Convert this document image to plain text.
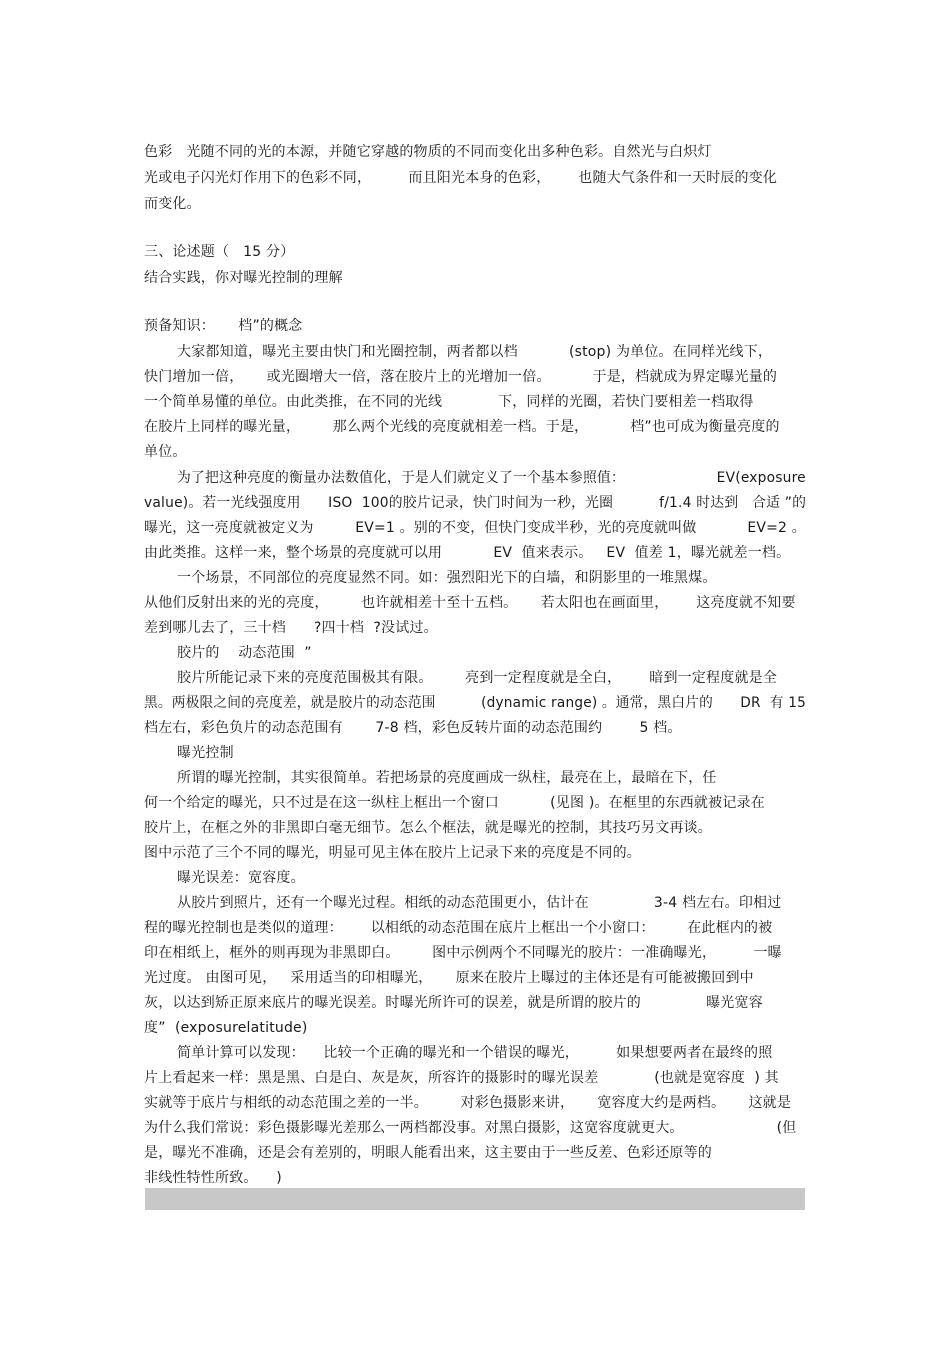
色彩   光随不同的光的本源，并随它穿越的物质的不同而变化出多种色彩。自然光与白炽灯
光或电子闪光灯作用下的色彩不同，        而且阳光本身的色彩，      也随大气条件和一天时辰的变化
而变化。
三、论述题（   15 分）
结合实践，你对曝光控制的理解
预备知识：     档”的概念
大家都知道，曝光主要由快门和光圈控制，两者都以档           (stop) 为单位。在同样光线下，
快门增加一倍，     或光圈增大一倍，落在胶片上的光增加一倍。         于是，档就成为界定曝光量的
一个简单易懂的单位。由此类推，在不同的光线            下，同样的光圈，若快门要相差一档取得
在胶片上同样的曝光量，       那么两个光线的亮度就相差一档。于是，         档”也可成为衡量亮度的
单位。
为了把这种亮度的衡量办法数值化，于是人们就定义了一个基本参照值：                    EV(exposure
value)。若一光线强度用      ISO  100的胶片记录，快门时间为一秒，光圈          f/1.4 时达到   合适 ”的
曝光，这一亮度就被定义为         EV=1 。别的不变，但快门变成半秒，光的亮度就叫做           EV=2 。
由此类推。这样一来，整个场景的亮度就可以用           EV  值来表示。   EV  值差 1，曝光就差一档。
一个场景，不同部位的亮度显然不同。如：强烈阳光下的白墙，和阴影里的一堆黑煤。
从他们反射出来的光的亮度，       也许就相差十至十五档。     若太阳也在画面里，      这亮度就不知要
差到哪儿去了，三十档      ?四十档  ?没试过。
胶片的    动态范围  ”
胶片所能记录下来的亮度范围极其有限。       亮到一定程度就是全白，      暗到一定程度就是全
黑。两极限之间的亮度差，就是胶片的动态范围          (dynamic range) 。通常，黑白片的      DR  有 15
档左右，彩色负片的动态范围有       7-8 档，彩色反转片面的动态范围约        5 档。
曝光控制
所谓的曝光控制，其实很简单。若把场景的亮度画成一纵柱，最亮在上，最暗在下，任
何一个给定的曝光，只不过是在这一纵柱上框出一个窗口           (见图 )。在框里的东西就被记录在
胶片上，在框之外的非黑即白毫无细节。怎么个框法，就是曝光的控制，其技巧另文再谈。
图中示范了三个不同的曝光，明显可见主体在胶片上记录下来的亮度是不同的。
曝光误差：宽容度。
从胶片到照片，还有一个曝光过程。相纸的动态范围更小，估计在              3-4 档左右。印相过
程的曝光控制也是类似的道理：      以相纸的动态范围在底片上框出一个小窗口：       在此框内的被
印在相纸上，框外的则再现为非黑即白。       图中示例两个不同曝光的胶片：一准确曝光，        一曝
光过度。 由图可见，   采用适当的印相曝光，     原来在胶片上曝过的主体还是有可能被搬回到中
灰，以达到矫正原来底片的曝光误差。时曝光所许可的误差，就是所谓的胶片的              曝光宽容
度”  (exposurelatitude)
简单计算可以发现：    比较一个正确的曝光和一个错误的曝光，        如果想要两者在最终的照
片上看起来一样：黑是黑、白是白、灰是灰，所容许的摄影时的曝光误差            (也就是宽容度  ) 其
实就等于底片与相纸的动态范围之差的一半。       对彩色摄影来讲，     宽容度大约是两档。     这就是
为什么我们常说：彩色摄影曝光差那么一两档都没事。对黑白摄影，这宽容度就更大。                    (但
是，曝光不准确，还是会有差别的，明眼人能看出来，这主要由于一些反差、色彩还原等的
非线性特性所致。    )
